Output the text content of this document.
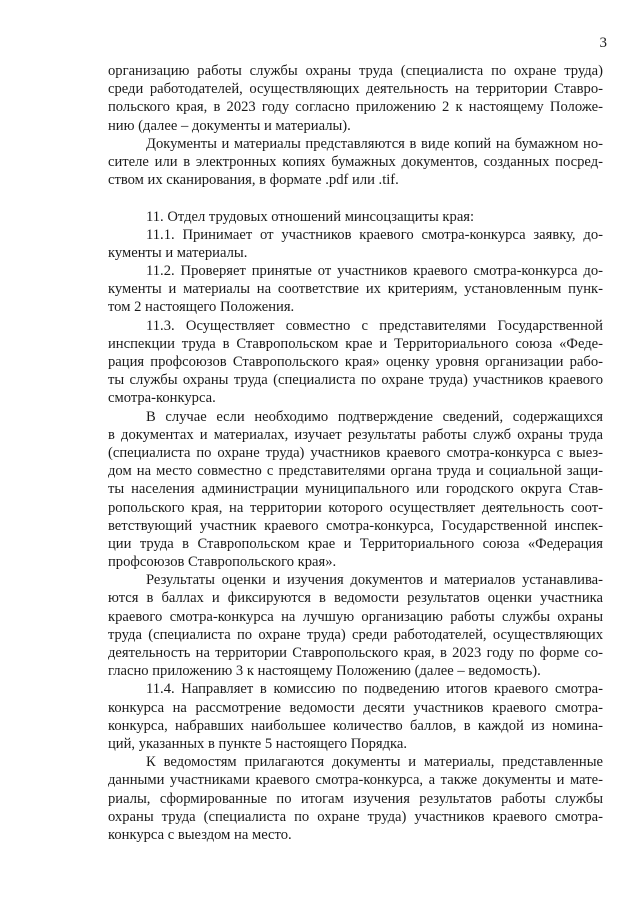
3
организацию работы службы охраны труда (специалиста по охране труда)
среди работодателей, осуществляющих деятельность на территории Ставро-
польского края, в 2023 году согласно приложению 2 к настоящему Положе-
нию (далее – документы и материалы).
Документы и материалы представляются в виде копий на бумажном но-
сителе или в электронных копиях бумажных документов, созданных посред-
ством их сканирования, в формате .pdf или .tif.
11. Отдел трудовых отношений минсоцзащиты края:
11.1. Принимает от участников краевого смотра-конкурса заявку, до-
кументы и материалы.
11.2. Проверяет принятые от участников краевого смотра-конкурса до-
кументы и материалы на соответствие их критериям, установленным пунк-
том 2 настоящего Положения.
11.3. Осуществляет совместно с представителями Государственной
инспекции труда в Ставропольском крае и Территориального союза «Феде-
рация профсоюзов Ставропольского края» оценку уровня организации рабо-
ты службы охраны труда (специалиста по охране труда) участников краевого
смотра-конкурса.
В случае если необходимо подтверждение сведений, содержащихся
в документах и материалах, изучает результаты работы служб охраны труда
(специалиста по охране труда) участников краевого смотра-конкурса с выез-
дом на место совместно с представителями органа труда и социальной защи-
ты населения администрации муниципального или городского округа Став-
ропольского края, на территории которого осуществляет деятельность соот-
ветствующий участник краевого смотра-конкурса, Государственной инспек-
ции труда в Ставропольском крае и Территориального союза «Федерация
профсоюзов Ставропольского края».
Результаты оценки и изучения документов и материалов устанавлива-
ются в баллах и фиксируются в ведомости результатов оценки участника
краевого смотра-конкурса на лучшую организацию работы службы охраны
труда (специалиста по охране труда) среди работодателей, осуществляющих
деятельность на территории Ставропольского края, в 2023 году по форме со-
гласно приложению 3 к настоящему Положению (далее – ведомость).
11.4. Направляет в комиссию по подведению итогов краевого смотра-
конкурса на рассмотрение ведомости десяти участников краевого смотра-
конкурса, набравших наибольшее количество баллов, в каждой из номина-
ций, указанных в пункте 5 настоящего Порядка.
К ведомостям прилагаются документы и материалы, представленные
данными участниками краевого смотра-конкурса, а также документы и мате-
риалы, сформированные по итогам изучения результатов работы службы
охраны труда (специалиста по охране труда) участников краевого смотра-
конкурса с выездом на место.
